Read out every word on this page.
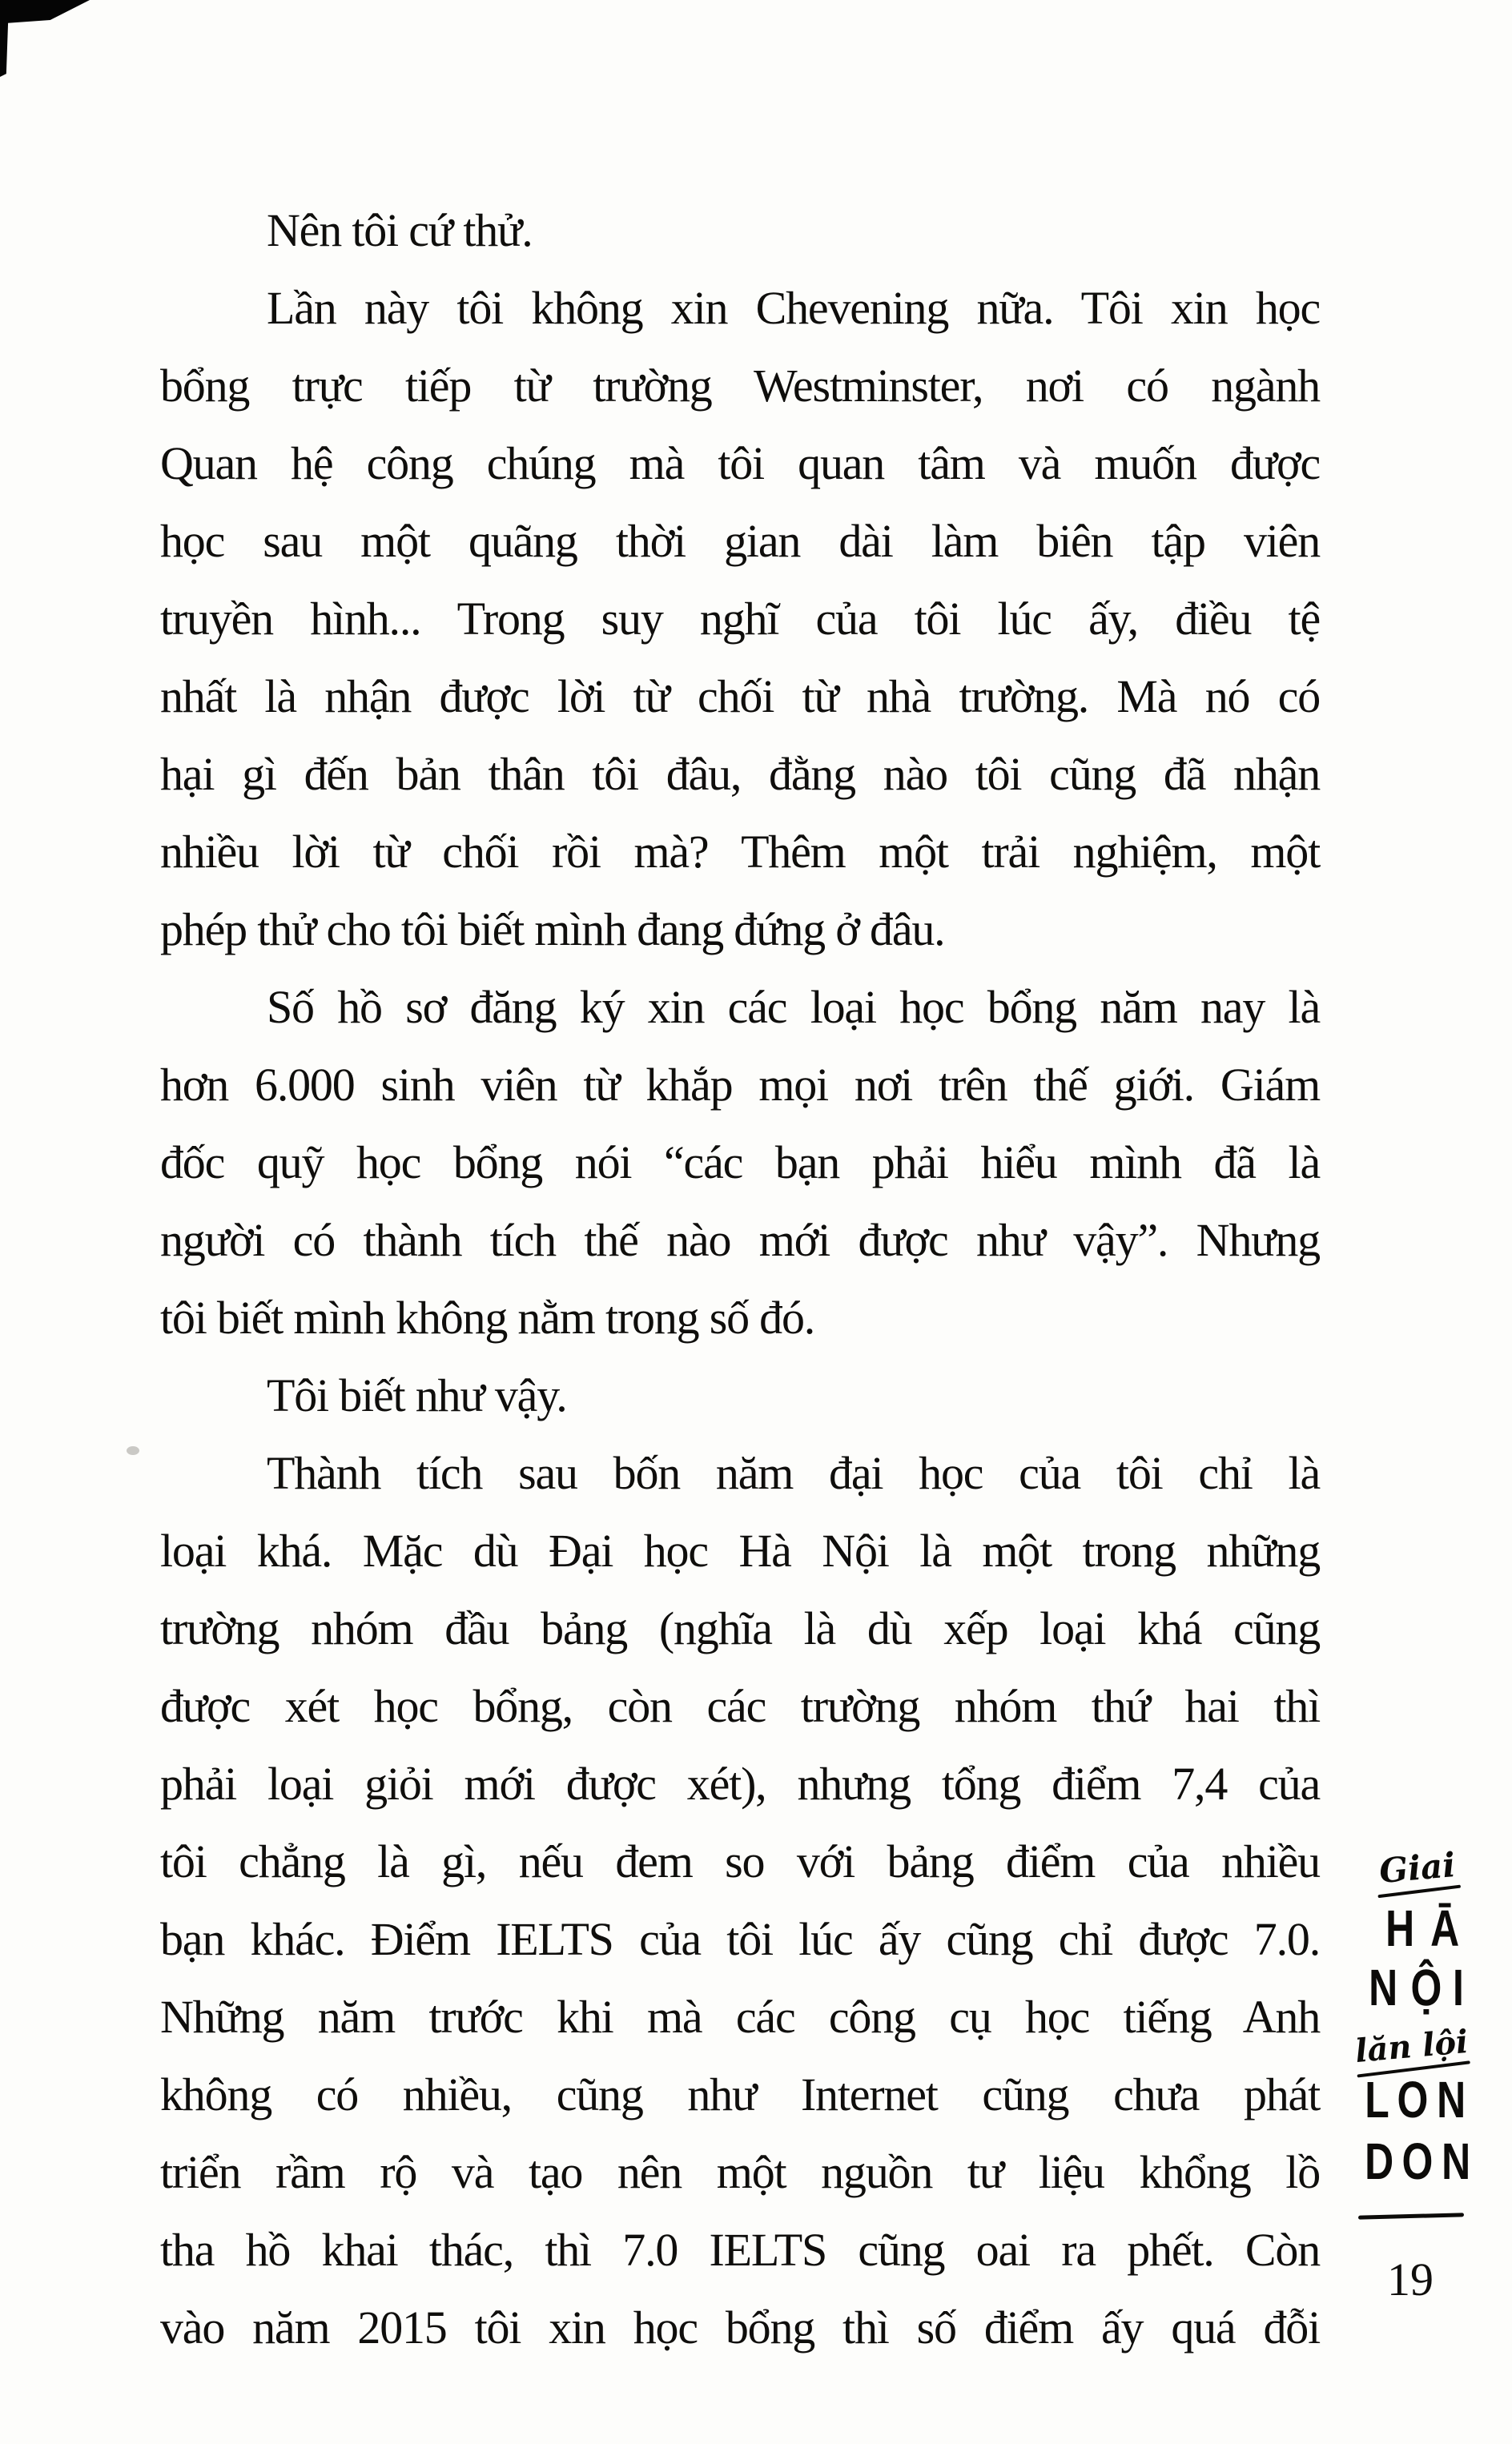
Nên tôi cứ thử.
Lần này tôi không xin Chevening nữa. Tôi xin học
bổng trực tiếp từ trường Westminster, nơi có ngành
Quan hệ công chúng mà tôi quan tâm và muốn được
học sau một quãng thời gian dài làm biên tập viên
truyền hình... Trong suy nghĩ của tôi lúc ấy, điều tệ
nhất là nhận được lời từ chối từ nhà trường. Mà nó có
hại gì đến bản thân tôi đâu, đằng nào tôi cũng đã nhận
nhiều lời từ chối rồi mà? Thêm một trải nghiệm, một
phép thử cho tôi biết mình đang đứng ở đâu.
Số hồ sơ đăng ký xin các loại học bổng năm nay là
hơn 6.000 sinh viên từ khắp mọi nơi trên thế giới. Giám
đốc quỹ học bổng nói “các bạn phải hiểu mình đã là
người có thành tích thế nào mới được như vậy”. Nhưng
tôi biết mình không nằm trong số đó.
Tôi biết như vậy.
Thành tích sau bốn năm đại học của tôi chỉ là
loại khá. Mặc dù Đại học Hà Nội là một trong những
trường nhóm đầu bảng (nghĩa là dù xếp loại khá cũng
được xét học bổng, còn các trường nhóm thứ hai thì
phải loại giỏi mới được xét), nhưng tổng điểm 7,4 của
tôi chẳng là gì, nếu đem so với bảng điểm của nhiều
bạn khác. Điểm IELTS của tôi lúc ấy cũng chỉ được 7.0.
Những năm trước khi mà các công cụ học tiếng Anh
không có nhiều, cũng như Internet cũng chưa phát
triển rầm rộ và tạo nên một nguồn tư liệu khổng lồ
tha hồ khai thác, thì 7.0 IELTS cũng oai ra phết. Còn
vào năm 2015 tôi xin học bổng thì số điểm ấy quá đỗi
Giai
H Ā
N Ộ I
lăn lội
L O N
D O N
19
